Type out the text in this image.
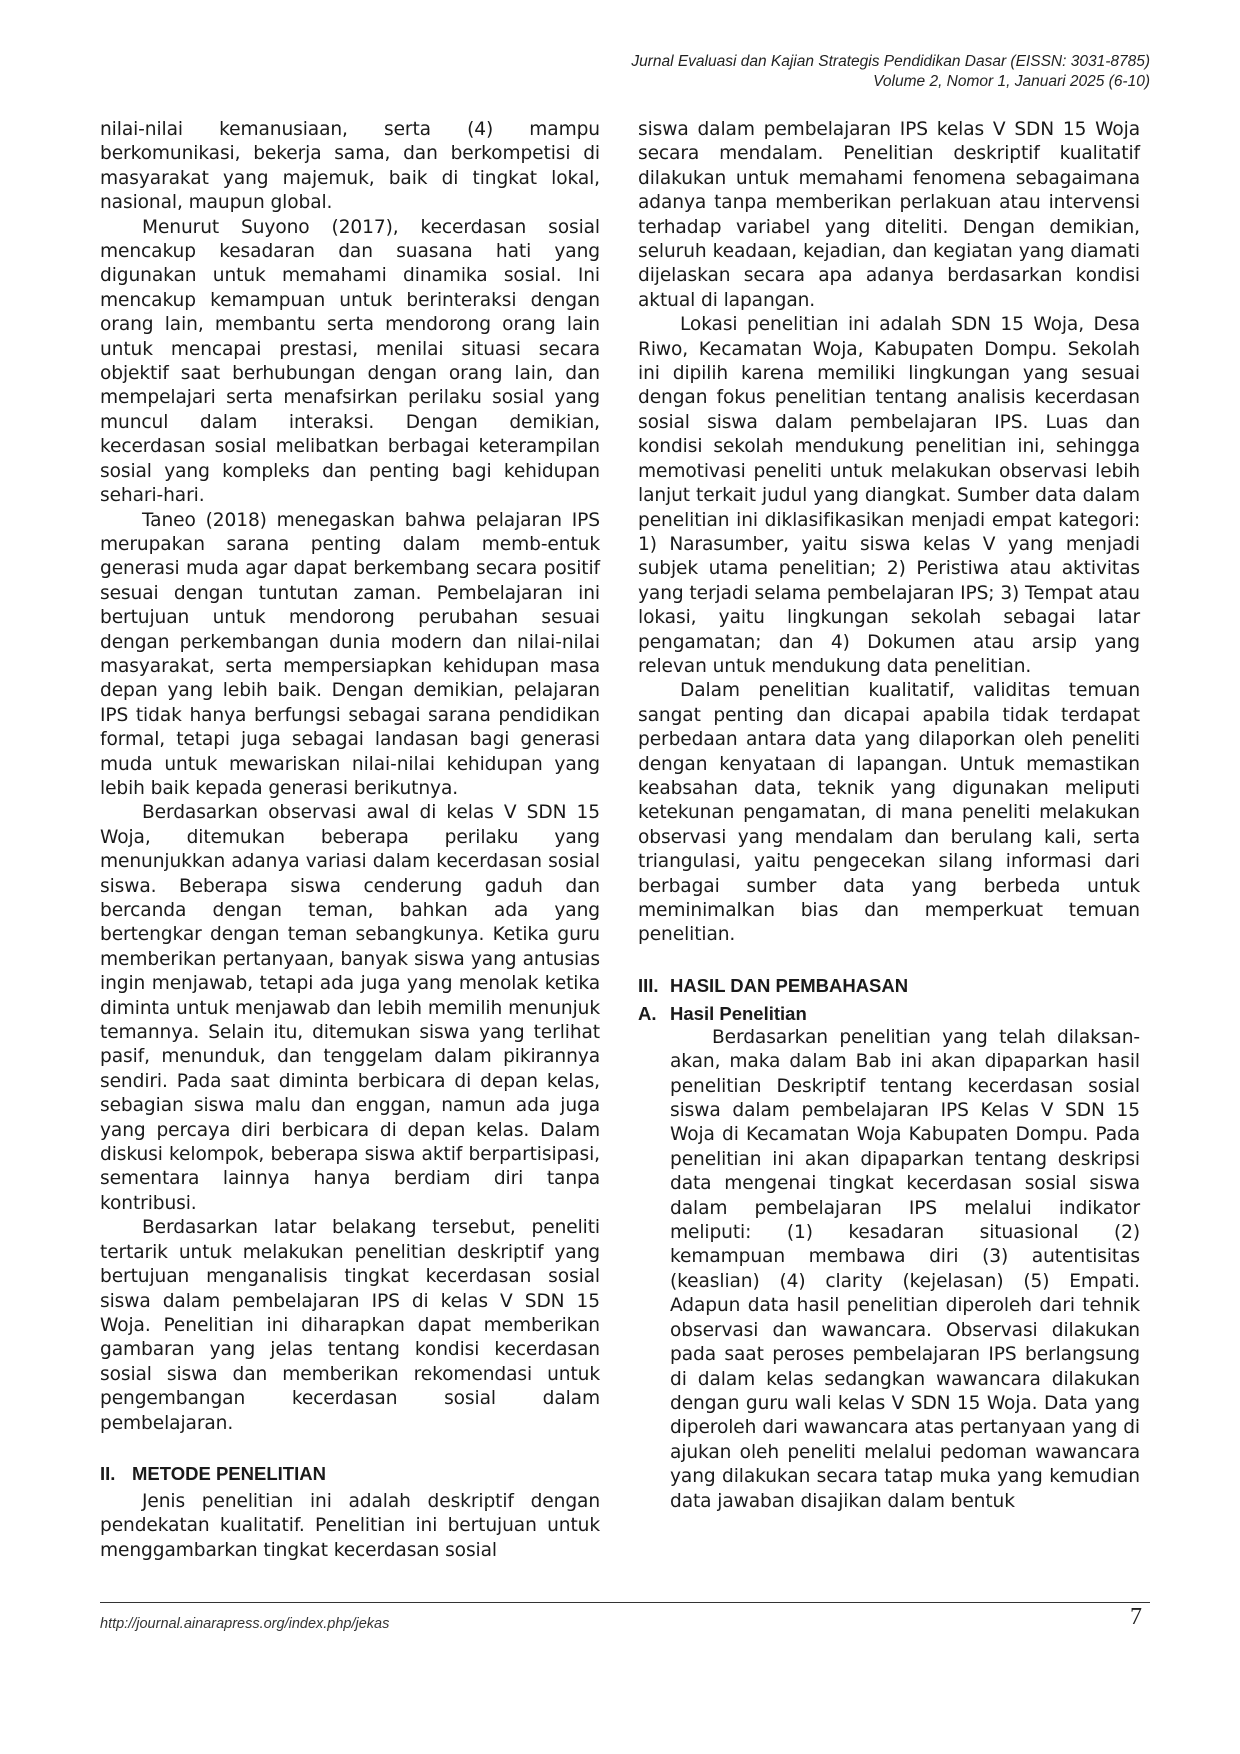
Jurnal Evaluasi dan Kajian Strategis Pendidikan Dasar (EISSN: 3031-8785)
Volume 2, Nomor 1, Januari 2025 (6-10)

nilai-nilai kemanusiaan, serta (4) mampu berkomunikasi, bekerja sama, dan berkompetisi di masyarakat yang majemuk, baik di tingkat lokal, nasional, maupun global.

Menurut Suyono (2017), kecerdasan sosial mencakup kesadaran dan suasana hati yang digunakan untuk memahami dinamika sosial. Ini mencakup kemampuan untuk berinteraksi dengan orang lain, membantu serta mendorong orang lain untuk mencapai prestasi, menilai situasi secara objektif saat berhubungan dengan orang lain, dan mempelajari serta menafsirkan perilaku sosial yang muncul dalam interaksi. Dengan demikian, kecerdasan sosial melibatkan berbagai keterampilan sosial yang kompleks dan penting bagi kehidupan sehari-hari.

Taneo (2018) menegaskan bahwa pelajaran IPS merupakan sarana penting dalam memb-entuk generasi muda agar dapat berkembang secara positif sesuai dengan tuntutan zaman. Pembelajaran ini bertujuan untuk mendorong perubahan sesuai dengan perkembangan dunia modern dan nilai-nilai masyarakat, serta mempersiapkan kehidupan masa depan yang lebih baik. Dengan demikian, pelajaran IPS tidak hanya berfungsi sebagai sarana pendidikan formal, tetapi juga sebagai landasan bagi generasi muda untuk mewariskan nilai-nilai kehidupan yang lebih baik kepada generasi berikutnya.

Berdasarkan observasi awal di kelas V SDN 15 Woja, ditemukan beberapa perilaku yang menunjukkan adanya variasi dalam kecerdasan sosial siswa. Beberapa siswa cenderung gaduh dan bercanda dengan teman, bahkan ada yang bertengkar dengan teman sebangkunya. Ketika guru memberikan pertanyaan, banyak siswa yang antusias ingin menjawab, tetapi ada juga yang menolak ketika diminta untuk menjawab dan lebih memilih menunjuk temannya. Selain itu, ditemukan siswa yang terlihat pasif, menunduk, dan tenggelam dalam pikirannya sendiri. Pada saat diminta berbicara di depan kelas, sebagian siswa malu dan enggan, namun ada juga yang percaya diri berbicara di depan kelas. Dalam diskusi kelompok, beberapa siswa aktif berpartisipasi, sementara lainnya hanya berdiam diri tanpa kontribusi.

Berdasarkan latar belakang tersebut, peneliti tertarik untuk melakukan penelitian deskriptif yang bertujuan menganalisis tingkat kecerdasan sosial siswa dalam pembelajaran IPS di kelas V SDN 15 Woja. Penelitian ini diharapkan dapat memberikan gambaran yang jelas tentang kondisi kecerdasan sosial siswa dan memberikan rekomendasi untuk pengembangan kecerdasan sosial dalam pembelajaran.

II. METODE PENELITIAN

Jenis penelitian ini adalah deskriptif dengan pendekatan kualitatif. Penelitian ini bertujuan untuk menggambarkan tingkat kecerdasan sosial

siswa dalam pembelajaran IPS kelas V SDN 15 Woja secara mendalam. Penelitian deskriptif kualitatif dilakukan untuk memahami fenomena sebagaimana adanya tanpa memberikan perlakuan atau intervensi terhadap variabel yang diteliti. Dengan demikian, seluruh keadaan, kejadian, dan kegiatan yang diamati dijelaskan secara apa adanya berdasarkan kondisi aktual di lapangan.

Lokasi penelitian ini adalah SDN 15 Woja, Desa Riwo, Kecamatan Woja, Kabupaten Dompu. Sekolah ini dipilih karena memiliki lingkungan yang sesuai dengan fokus penelitian tentang analisis kecerdasan sosial siswa dalam pembelajaran IPS. Luas dan kondisi sekolah mendukung penelitian ini, sehingga memotivasi peneliti untuk melakukan observasi lebih lanjut terkait judul yang diangkat. Sumber data dalam penelitian ini diklasifikasikan menjadi empat kategori: 1) Narasumber, yaitu siswa kelas V yang menjadi subjek utama penelitian; 2) Peristiwa atau aktivitas yang terjadi selama pembelajaran IPS; 3) Tempat atau lokasi, yaitu lingkungan sekolah sebagai latar pengamatan; dan 4) Dokumen atau arsip yang relevan untuk mendukung data penelitian.

Dalam penelitian kualitatif, validitas temuan sangat penting dan dicapai apabila tidak terdapat perbedaan antara data yang dilaporkan oleh peneliti dengan kenyataan di lapangan. Untuk memastikan keabsahan data, teknik yang digunakan meliputi ketekunan pengamatan, di mana peneliti melakukan observasi yang mendalam dan berulang kali, serta triangulasi, yaitu pengecekan silang informasi dari berbagai sumber data yang berbeda untuk meminimalkan bias dan memperkuat temuan penelitian.

III. HASIL DAN PEMBAHASAN
A. Hasil Penelitian

Berdasarkan penelitian yang telah dilaksan-akan, maka dalam Bab ini akan dipaparkan hasil penelitian Deskriptif tentang kecerdasan sosial siswa dalam pembelajaran IPS Kelas V SDN 15 Woja di Kecamatan Woja Kabupaten Dompu. Pada penelitian ini akan dipaparkan tentang deskripsi data mengenai tingkat kecerdasan sosial siswa dalam pembelajaran IPS melalui indikator meliputi: (1) kesadaran situasional (2) kemampuan membawa diri (3) autentisitas (keaslian) (4) clarity (kejelasan) (5) Empati. Adapun data hasil penelitian diperoleh dari tehnik observasi dan wawancara. Observasi dilakukan pada saat peroses pembelajaran IPS berlangsung di dalam kelas sedangkan wawancara dilakukan dengan guru wali kelas V SDN 15 Woja. Data yang diperoleh dari wawancara atas pertanyaan yang di ajukan oleh peneliti melalui pedoman wawancara yang dilakukan secara tatap muka yang kemudian data jawaban disajikan dalam bentuk

http://journal.ainarapress.org/index.php/jekas	7
